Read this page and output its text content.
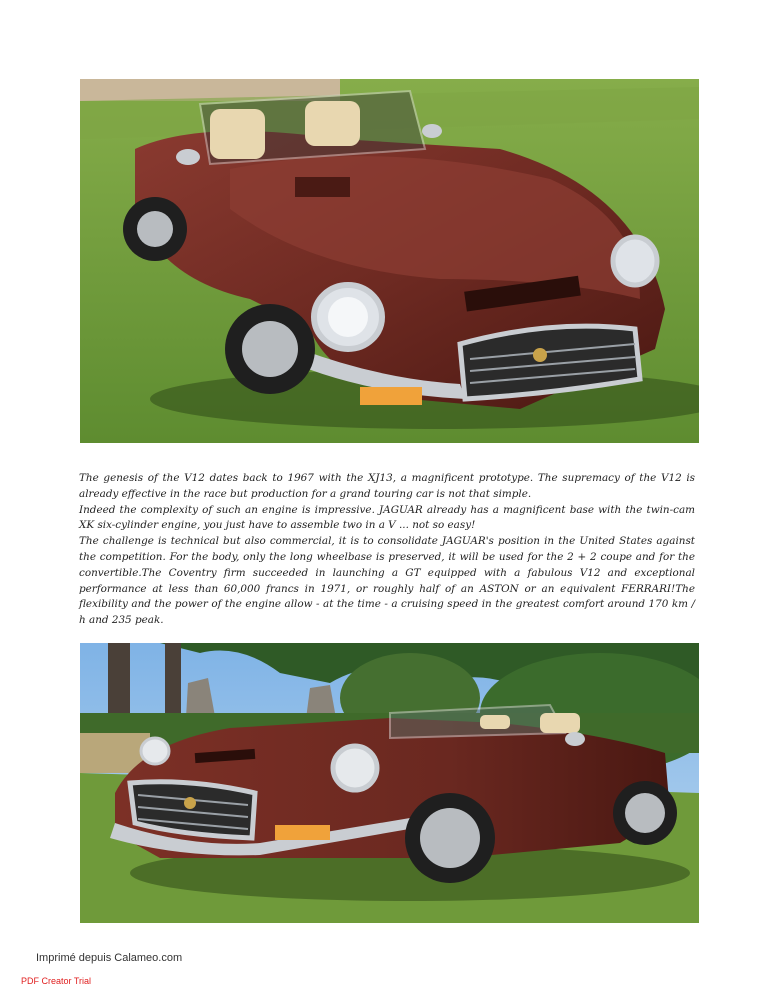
The genesis of the V12 dates back to 1967 with the XJ13, a magnificent prototype. The supremacy of the V12 is already effective in the race but production for a grand touring car is not that simple.

Indeed the complexity of such an engine is impressive. JAGUAR already has a magnificent base with the twin-cam XK six-cylinder engine, you just have to assemble two in a V ... not so easy!

The challenge is technical but also commercial, it is to consolidate JAGUAR's position in the United States against the competition. For the body, only the long wheelbase is preserved, it will be used for the 2 + 2 coupe and for the convertible.The Coventry firm succeeded in launching a GT equipped with a fabulous V12 and exceptional performance at less than 60,000 francs in 1971, or roughly half of an ASTON or an equivalent FERRARI!The flexibility and the power of the engine allow - at the time - a cruising speed in the greatest comfort around 170 km / h and 235 peak.

Imprimé depuis Calameo.com
PDF Creator Trial
